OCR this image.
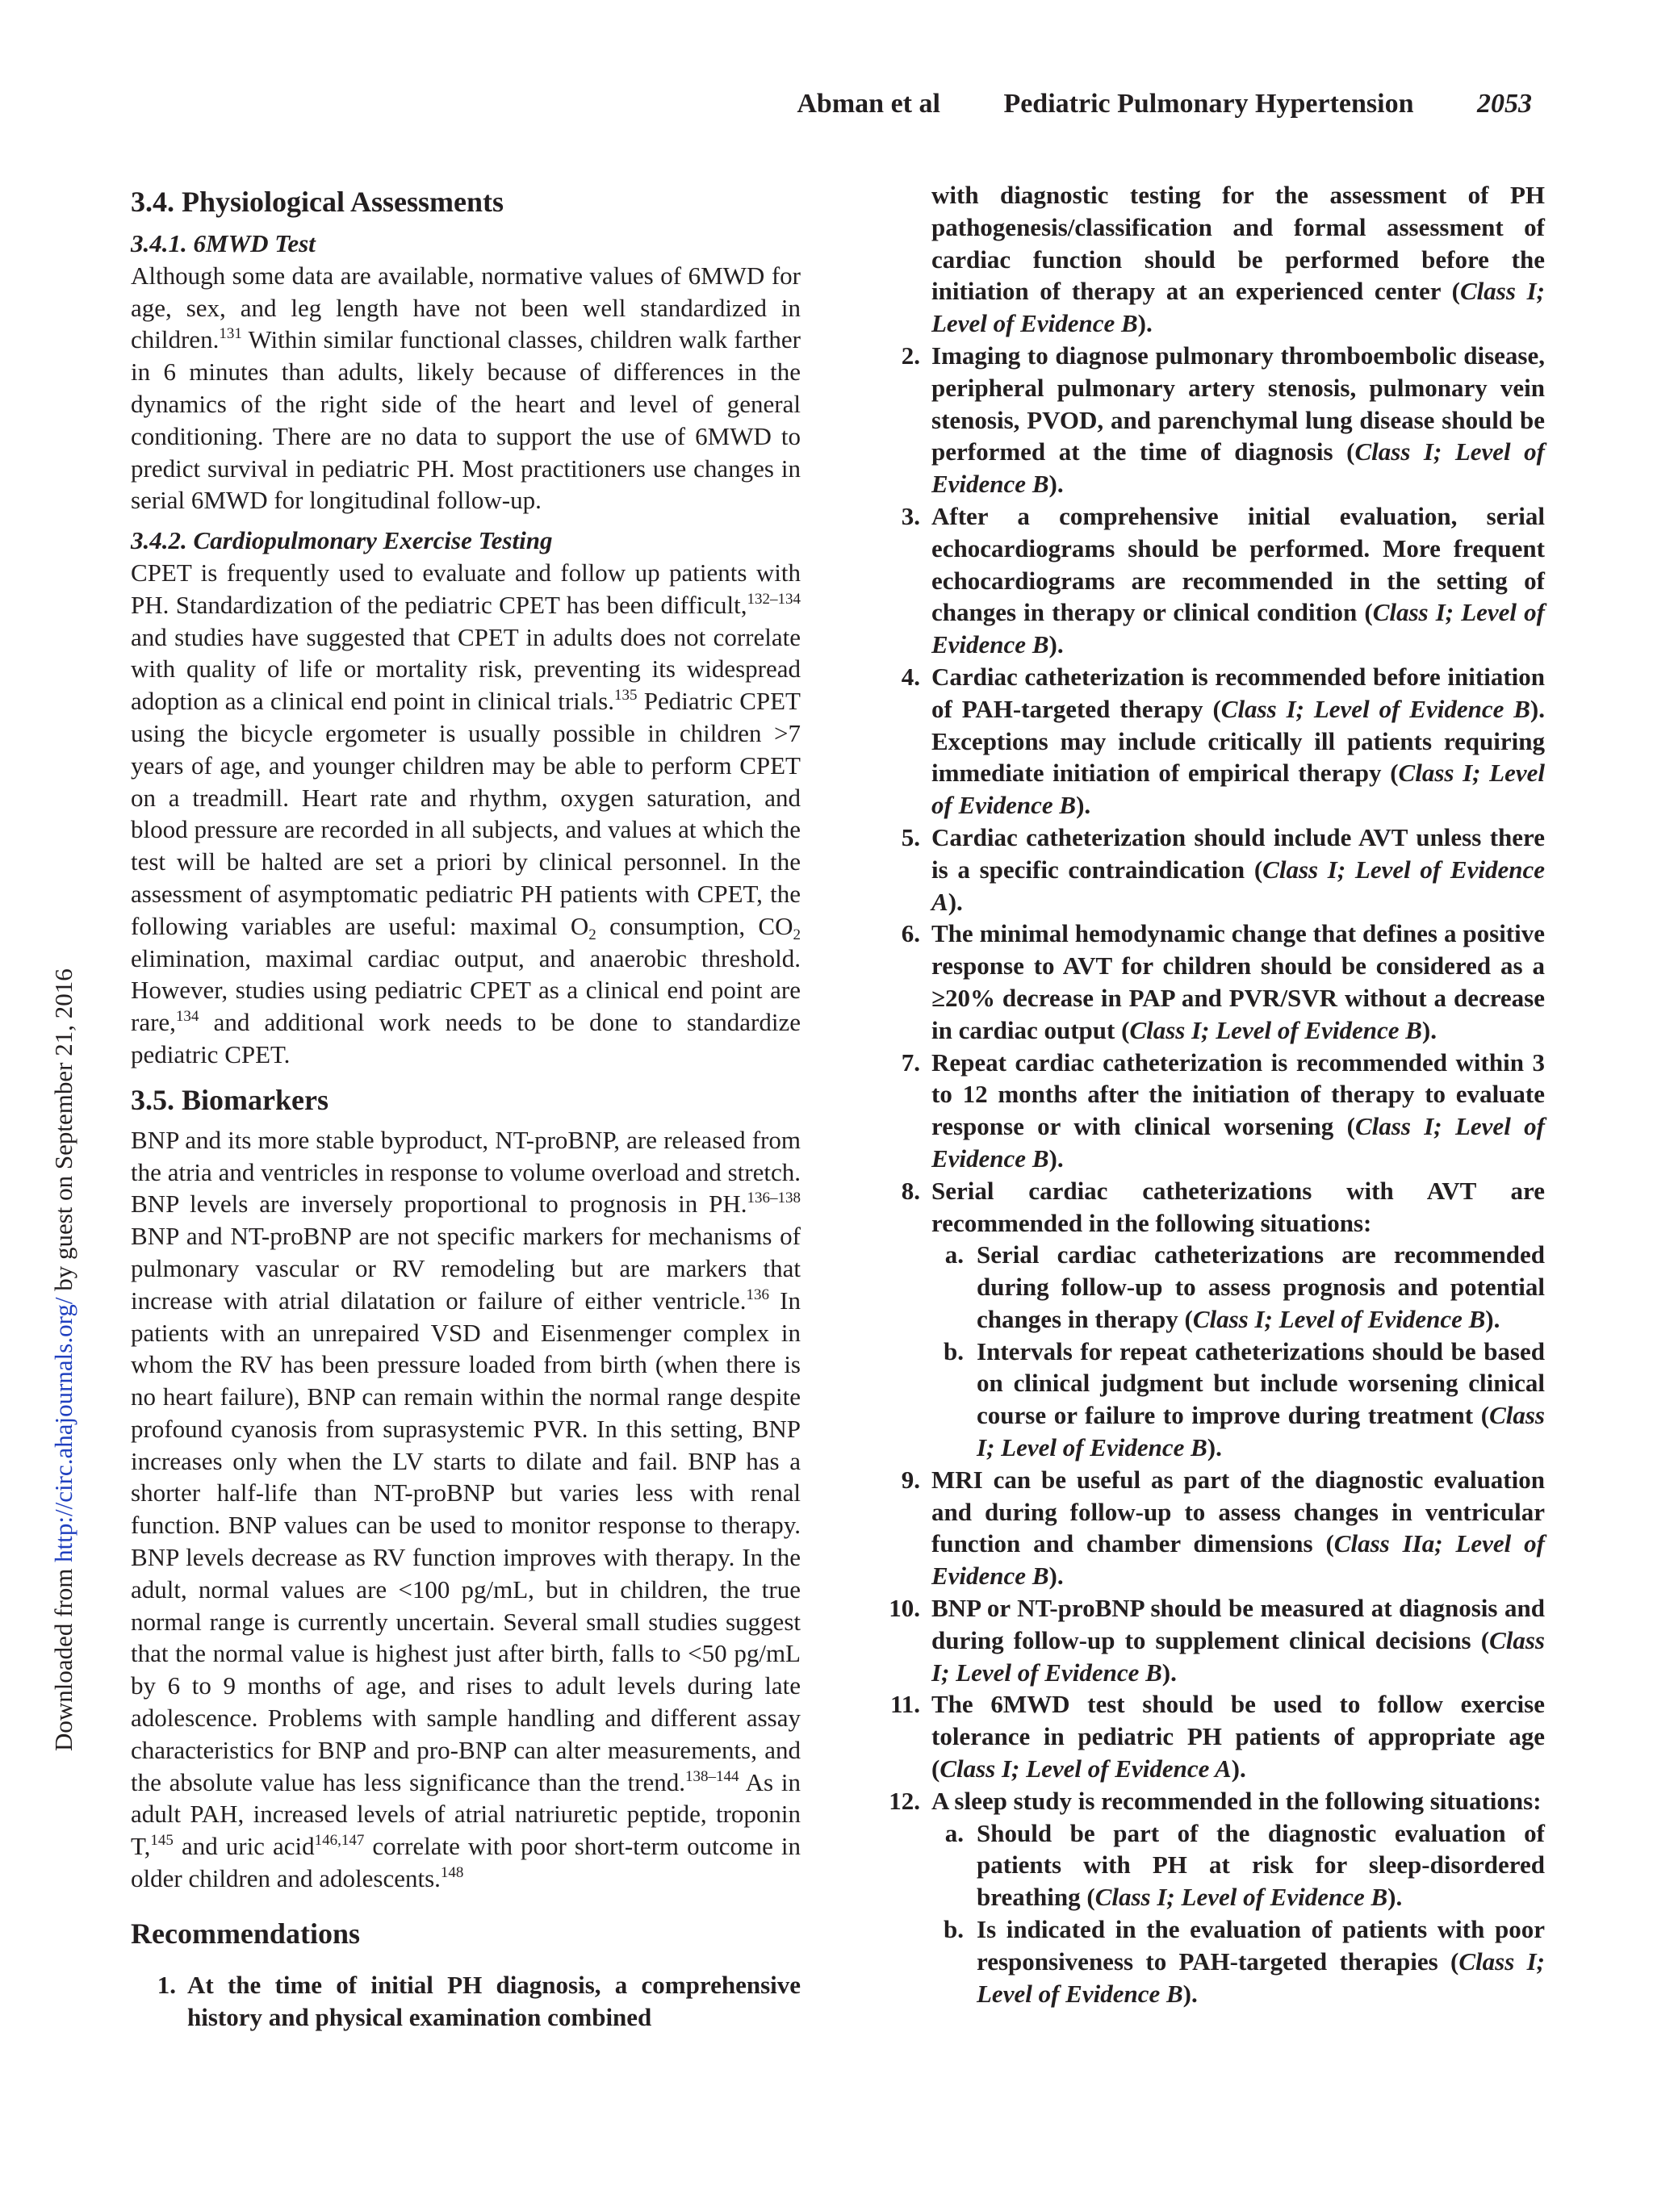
Abman et al Pediatric Pulmonary Hypertension 2053
Downloaded from http://circ.ahajournals.org/ by guest on September 21, 2016
3.4. Physiological Assessments
3.4.1. 6MWD Test

Although some data are available, normative values of 6MWD for age, sex, and leg length have not been well standardized in children.$^{131}$ Within similar functional classes, children walk farther in 6 minutes than adults, likely because of differences in the dynamics of the right side of the heart and level of general conditioning. There are no data to support the use of 6MWD to predict survival in pediatric PH. Most practitioners use changes in serial 6MWD for longitudinal follow-up.

3.4.2. Cardiopulmonary Exercise Testing

CPET is frequently used to evaluate and follow up patients with PH. Standardization of the pediatric CPET has been difficult,$^{132-134}$ and studies have suggested that CPET in adults does not correlate with quality of life or mortality risk, preventing its widespread adoption as a clinical end point in clinical trials.$^{135}$ Pediatric CPET using the bicycle ergometer is usually possible in children >7 years of age, and younger children may be able to perform CPET on a treadmill. Heart rate and rhythm, oxygen saturation, and blood pressure are recorded in all subjects, and values at which the test will be halted are set a priori by clinical personnel. In the assessment of asymptomatic pediatric PH patients with CPET, the following variables are useful: maximal $O_2$ consumption, $CO_2$ elimination, maximal cardiac output, and anaerobic threshold. However, studies using pediatric CPET as a clinical end point are rare,$^{134}$ and additional work needs to be done to standardize pediatric CPET.

3.5. Biomarkers

BNP and its more stable byproduct, NT-proBNP, are released from the atria and ventricles in response to volume overload and stretch. BNP levels are inversely proportional to prognosis in PH.$^{136-138}$ BNP and NT-proBNP are not specific markers for mechanisms of pulmonary vascular or RV remodeling but are markers that increase with atrial dilatation or failure of either ventricle.$^{136}$ In patients with an unrepaired VSD and Eisenmenger complex in whom the RV has been pressure loaded from birth (when there is no heart failure), BNP can remain within the normal range despite profound cyanosis from suprasystemic PVR. In this setting, BNP increases only when the LV starts to dilate and fail. BNP has a shorter half-life than NT-proBNP but varies less with renal function. BNP values can be used to monitor response to therapy. BNP levels decrease as RV function improves with therapy. In the adult, normal values are <100 pg/mL, but in children, the true normal range is currently uncertain. Several small studies suggest that the normal value is highest just after birth, falls to <50 pg/mL by 6 to 9 months of age, and rises to adult levels during late adolescence. Problems with sample handling and different assay characteristics for BNP and pro-BNP can alter measurements, and the absolute value has less significance than the trend.$^{138-144}$ As in adult PAH, increased levels of atrial natriuretic peptide, troponin T,$^{145}$ and uric acid$^{146,147}$ correlate with poor short-term outcome in older children and adolescents.$^{148}$

Recommendations
1. At the time of initial PH diagnosis, a comprehensive history and physical examination combined
with diagnostic testing for the assessment of PH pathogenesis/classification and formal assessment of cardiac function should be performed before the initiation of therapy at an experienced center (Class I; Level of Evidence B).
2. Imaging to diagnose pulmonary thromboembolic disease, peripheral pulmonary artery stenosis, pulmonary vein stenosis, PVOD, and parenchymal lung disease should be performed at the time of diagnosis (Class I; Level of Evidence B).
3. After a comprehensive initial evaluation, serial echocardiograms should be performed. More frequent echocardiograms are recommended in the setting of changes in therapy or clinical condition (Class I; Level of Evidence B).
4. Cardiac catheterization is recommended before initiation of PAH-targeted therapy (Class I; Level of Evidence B). Exceptions may include critically ill patients requiring immediate initiation of empirical therapy (Class I; Level of Evidence B).
5. Cardiac catheterization should include AVT unless there is a specific contraindication (Class I; Level of Evidence A).
6. The minimal hemodynamic change that defines a positive response to AVT for children should be considered as a ≥20% decrease in PAP and PVR/SVR without a decrease in cardiac output (Class I; Level of Evidence B).
7. Repeat cardiac catheterization is recommended within 3 to 12 months after the initiation of therapy to evaluate response or with clinical worsening (Class I; Level of Evidence B).
8. Serial cardiac catheterizations with AVT are recommended in the following situations:
a. Serial cardiac catheterizations are recommended during follow-up to assess prognosis and potential changes in therapy (Class I; Level of Evidence B).
b. Intervals for repeat catheterizations should be based on clinical judgment but include worsening clinical course or failure to improve during treatment (Class I; Level of Evidence B).
9. MRI can be useful as part of the diagnostic evaluation and during follow-up to assess changes in ventricular function and chamber dimensions (Class IIa; Level of Evidence B).
10. BNP or NT-proBNP should be measured at diagnosis and during follow-up to supplement clinical decisions (Class I; Level of Evidence B).
11. The 6MWD test should be used to follow exercise tolerance in pediatric PH patients of appropriate age (Class I; Level of Evidence A).
12. A sleep study is recommended in the following situations:
a. Should be part of the diagnostic evaluation of patients with PH at risk for sleep-disordered breathing (Class I; Level of Evidence B).
b. Is indicated in the evaluation of patients with poor responsiveness to PAH-targeted therapies (Class I; Level of Evidence B).
